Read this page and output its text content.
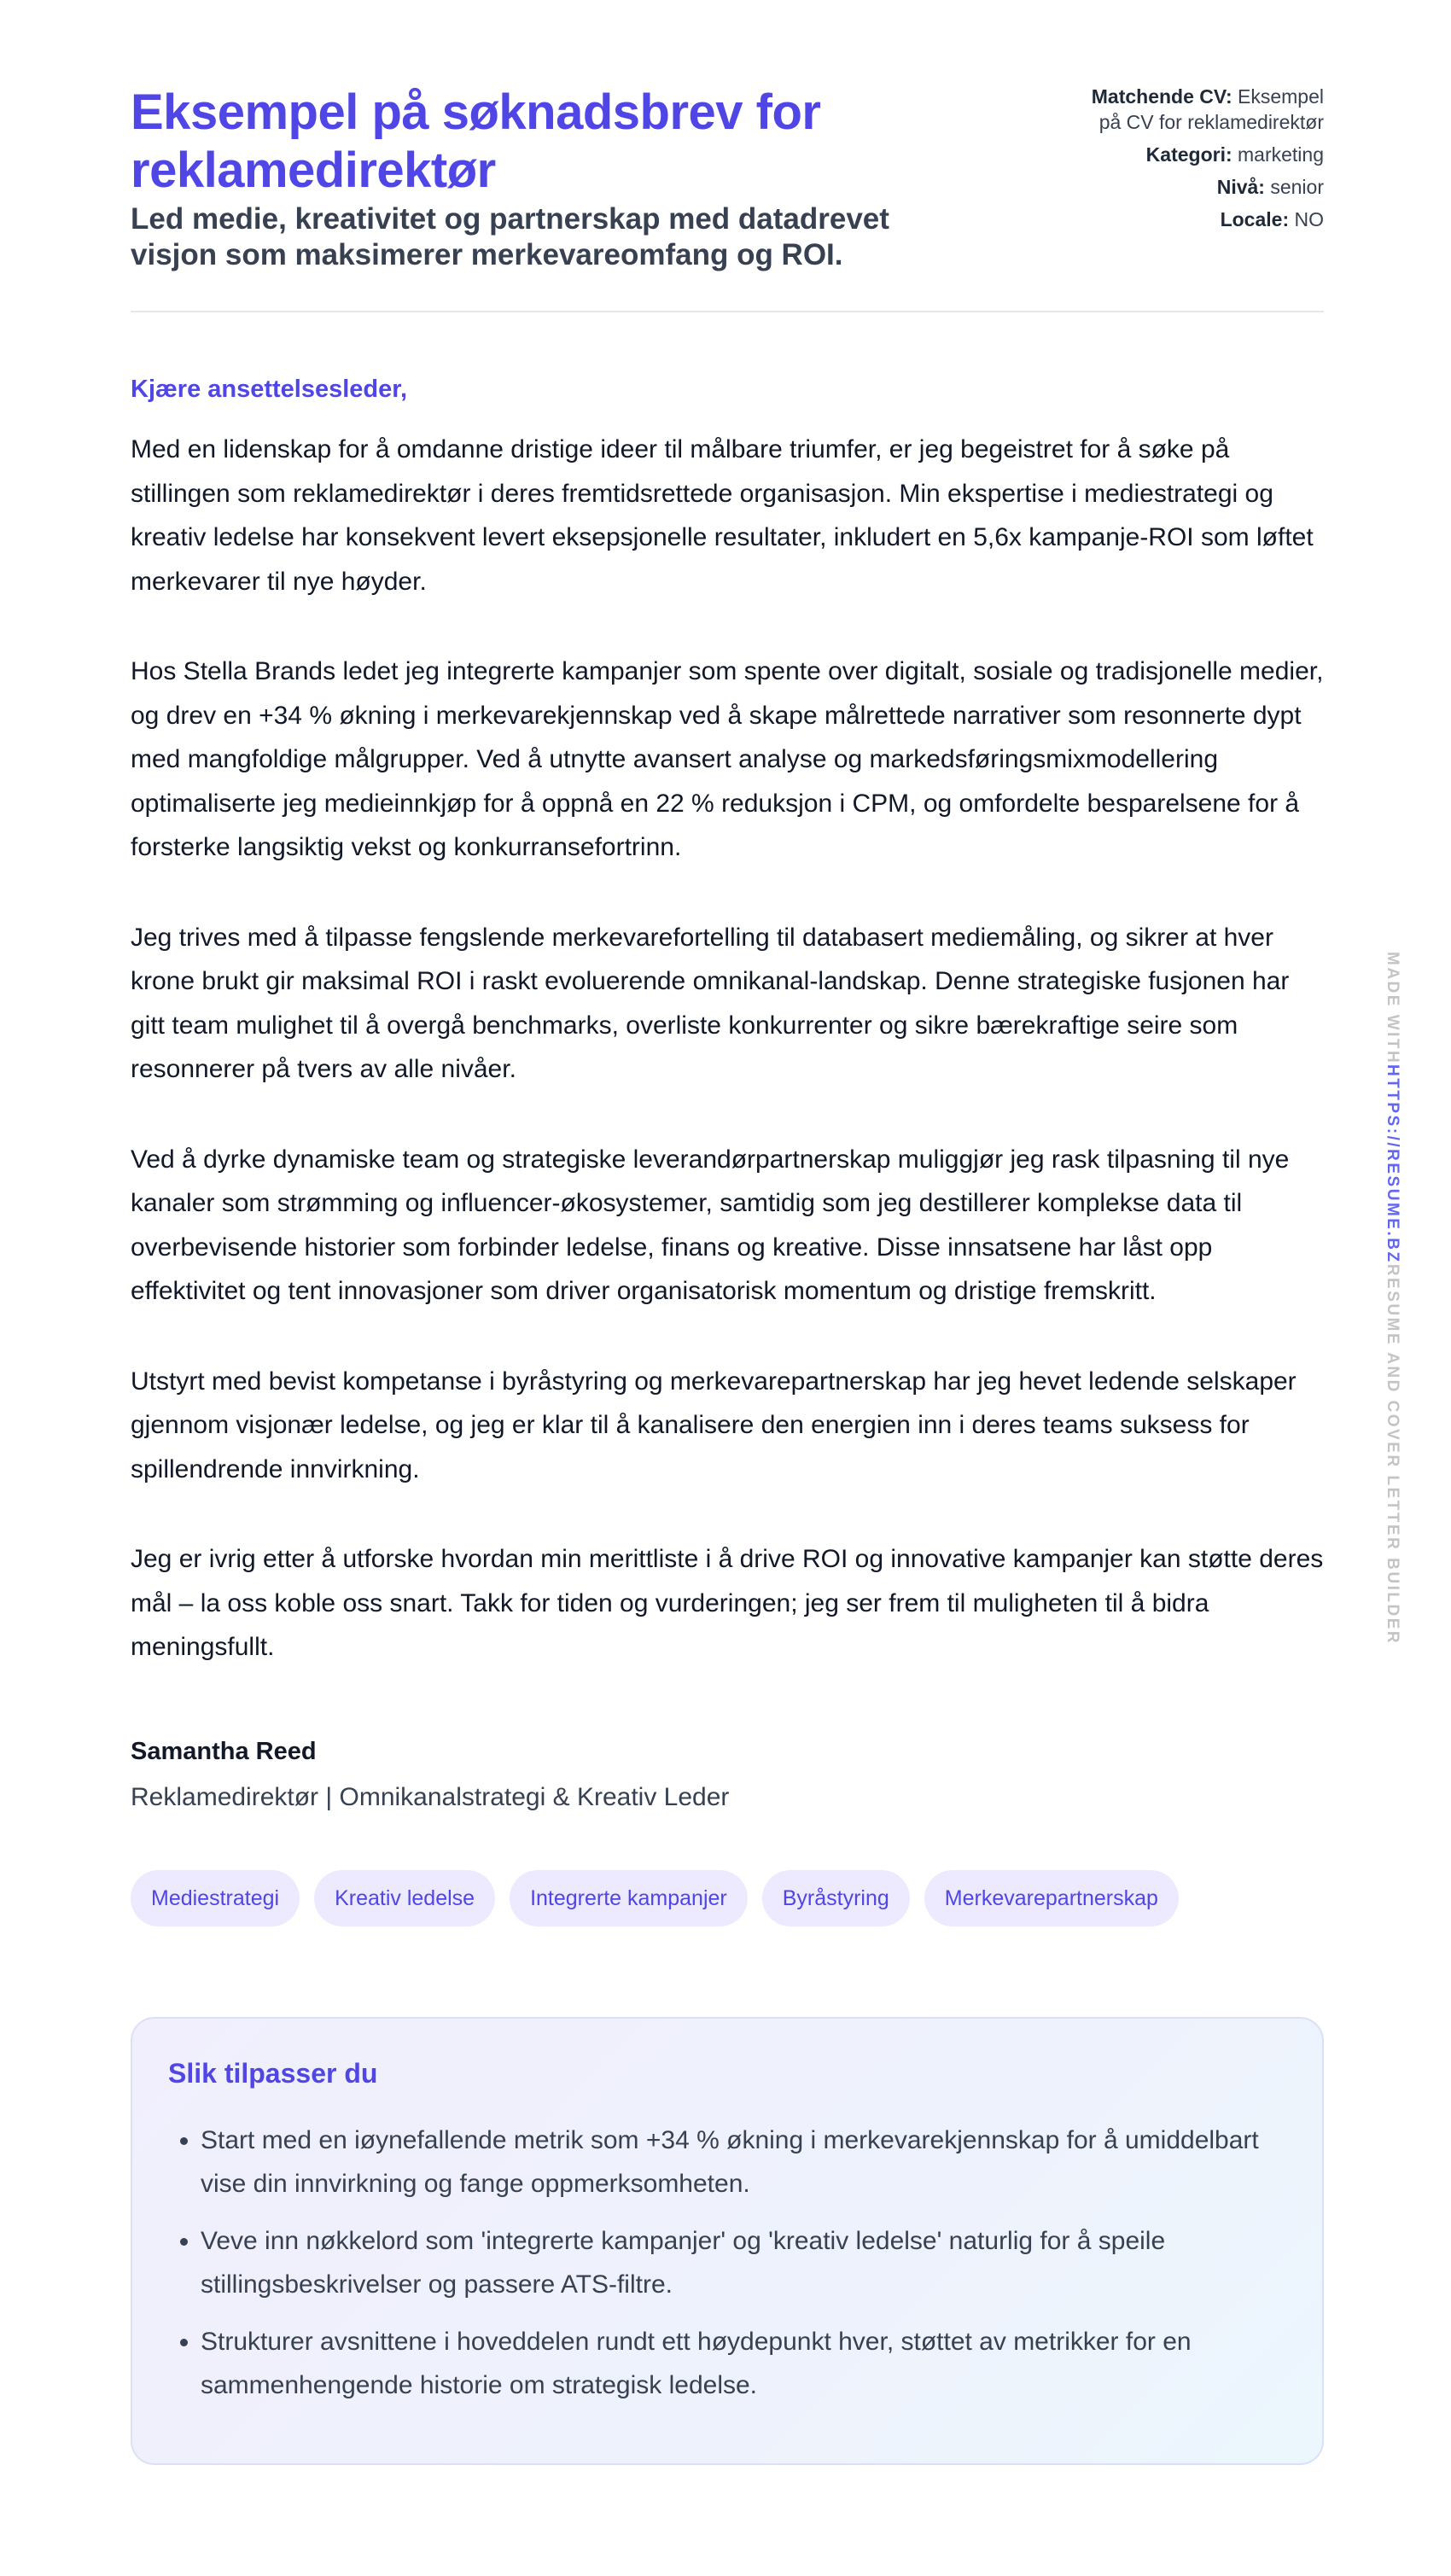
Eksempel på søknadsbrev for reklamedirektør

Led medie, kreativitet og partnerskap med datadrevet visjon som maksimerer merkevareomfang og ROI.

Matchende CV: Eksempel på CV for reklamedirektør
Kategori: marketing
Nivå: senior
Locale: NO
Kjære ansettelsesleder,

Med en lidenskap for å omdanne dristige ideer til målbare triumfer, er jeg begeistret for å søke på stillingen som reklamedirektør i deres fremtidsrettede organisasjon. Min ekspertise i mediestrategi og kreativ ledelse har konsekvent levert eksepsjonelle resultater, inkludert en 5,6x kampanje-ROI som løftet merkevarer til nye høyder.

Hos Stella Brands ledet jeg integrerte kampanjer som spente over digitalt, sosiale og tradisjonelle medier, og drev en +34 % økning i merkevarekjennskap ved å skape målrettede narrativer som resonnerte dypt med mangfoldige målgrupper. Ved å utnytte avansert analyse og markedsføringsmixmodellering optimaliserte jeg medieinnkjøp for å oppnå en 22 % reduksjon i CPM, og omfordelte besparelsene for å forsterke langsiktig vekst og konkurransefortrinn.

Jeg trives med å tilpasse fengslende merkevarefortelling til databasert mediemåling, og sikrer at hver krone brukt gir maksimal ROI i raskt evoluerende omnikanal-landskap. Denne strategiske fusjonen har gitt team mulighet til å overgå benchmarks, overliste konkurrenter og sikre bærekraftige seire som resonnerer på tvers av alle nivåer.

Ved å dyrke dynamiske team og strategiske leverandørpartnerskap muliggjør jeg rask tilpasning til nye kanaler som strømming og influencer-økosystemer, samtidig som jeg destillerer komplekse data til overbevisende historier som forbinder ledelse, finans og kreative. Disse innsatsene har låst opp effektivitet og tent innovasjoner som driver organisatorisk momentum og dristige fremskritt.

Utstyrt med bevist kompetanse i byråstyring og merkevarepartnerskap har jeg hevet ledende selskaper gjennom visjonær ledelse, og jeg er klar til å kanalisere den energien inn i deres teams suksess for spillendrende innvirkning.

Jeg er ivrig etter å utforske hvordan min merittliste i å drive ROI og innovative kampanjer kan støtte deres mål – la oss koble oss snart. Takk for tiden og vurderingen; jeg ser frem til muligheten til å bidra meningsfullt.

Samantha Reed
Reklamedirektør | Omnikanalstrategi & Kreativ Leder
Mediestrategi	Kreativ ledelse	Integrerte kampanjer	Byråstyring	Merkevarepartnerskap
Slik tilpasser du
• Start med en iøynefallende metrik som +34 % økning i merkevarekjennskap for å umiddelbart vise din innvirkning og fange oppmerksomheten.
• Veve inn nøkkelord som 'integrerte kampanjer' og 'kreativ ledelse' naturlig for å speile stillingsbeskrivelser og passere ATS-filtre.
• Strukturer avsnittene i hoveddelen rundt ett høydepunkt hver, støttet av metrikker for en sammenhengende historie om strategisk ledelse.
MADE WITHHTTPS://RESUME.BZRESUME AND COVER LETTER BUILDER
